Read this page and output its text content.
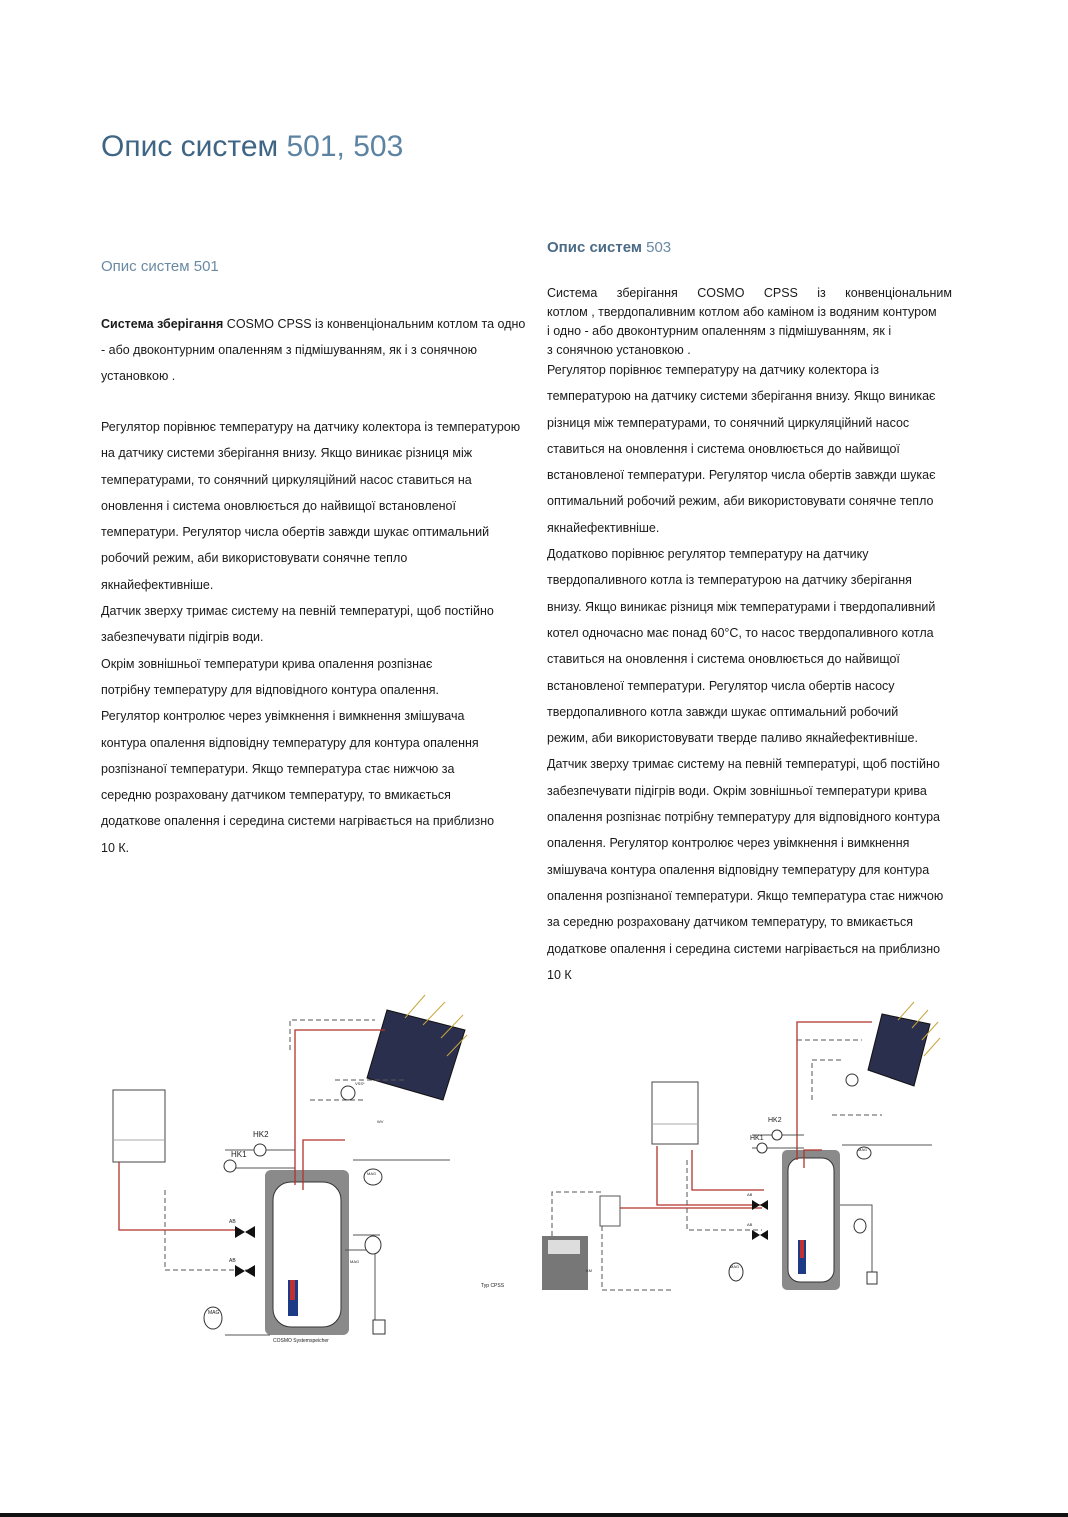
Опис систем 501, 503
Опис систем 501
Система зберігання COSMO CPSS із конвенціональним котлом та одно - або двоконтурним опаленням з підмішуванням, як і з сонячною установкою .
Регулятор порівнює температуру на датчику колектора із температурою
на датчику системи зберігання внизу. Якщо виникає різниця між
температурами, то сонячний циркуляційний насос ставиться на
оновлення і система оновлюється до найвищої встановленої
температури. Регулятор числа обертів завжди шукає оптимальний
робочий режим, аби використовувати сонячне тепло
якнайефективніше.
Датчик зверху тримає систему на певній температурі, щоб постійно
забезпечувати підігрів води.
Окрім зовнішньої температури крива опалення розпізнає
потрібну температуру для відповідного контура опалення.
Регулятор контролює через увімкнення і вимкнення змішувача
контура опалення відповідну температуру для контура опалення
розпізнаної температури. Якщо температура стає нижчою за
середню розраховану датчиком температуру, то вмикається
додаткове опалення і середина системи нагрівається на приблизно
10 К.
Опис систем 503
Система зберігання COSMO CPSS із конвенціональним
котлом , твердопаливним котлом або каміном із водяним контуром
і одно - або двоконтурним опаленням з підмішуванням, як і
з сонячною установкою .
Регулятор порівнює температуру на датчику колектора із
температурою на датчику системи зберігання внизу. Якщо виникає
різниця між температурами, то сонячний циркуляційний насос
ставиться на оновлення і система оновлюється до найвищої
встановленої температури. Регулятор числа обертів завжди шукає
оптимальний робочий режим, аби використовувати сонячне тепло
якнайефективніше.
Додатково порівнює регулятор температуру на датчику
твердопаливного котла із температурою на датчику зберігання
внизу. Якщо виникає різниця між температурами і твердопаливний
котел одночасно має понад 60°C, то насос твердопаливного котла
ставиться на оновлення і система оновлюється до найвищої
встановленої температури. Регулятор числа обертів насосу
твердопаливного котла завжди шукає оптимальний робочий
режим, аби використовувати тверде паливо якнайефективніше.
Датчик зверху тримає систему на певній температурі, щоб постійно
забезпечувати підігрів води. Окрім зовнішньої температури крива
опалення розпізнає потрібну температуру для відповідного контура
опалення. Регулятор контролює через увімкнення і вимкнення
змішувача контура опалення відповідну температуру для контура
опалення розпізнаної температури. Якщо температура стає нижчою
за середню розраховану датчиком температуру, то вмикається
додаткове опалення і середина системи нагрівається на приблизно
10 К
HK2
HK1
AB
AB
MAG
MAG
MAG
VSS*
WV
COSMO Systemspeicher
Typ CPSS
HK2
HK1
AB
AB
MAG
MAG
KM
